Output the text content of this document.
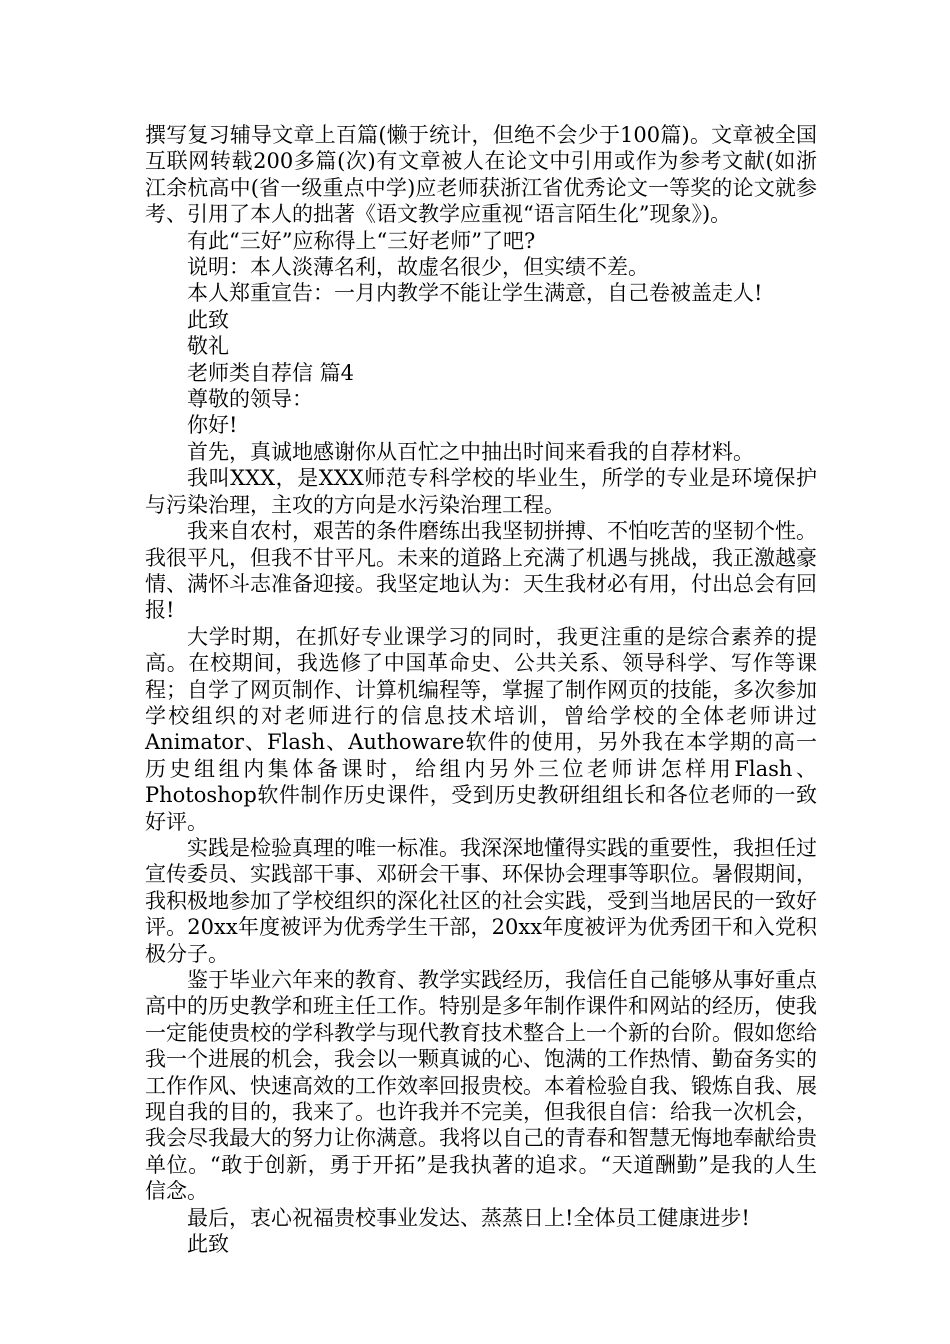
撰写复习辅导文章上百篇(懒于统计，但绝不会少于100篇)。文章被全国互联网转载200多篇(次)有文章被人在论文中引用或作为参考文献(如浙江余杭高中(省一级重点中学)应老师获浙江省优秀论文一等奖的论文就参考、引用了本人的拙著《语文教学应重视“语言陌生化”现象》)。

有此“三好”应称得上“三好老师”了吧?

说明：本人淡薄名利，故虚名很少，但实绩不差。

本人郑重宣告：一月内教学不能让学生满意，自己卷被盖走人!

此致

敬礼

老师类自荐信 篇4

尊敬的领导：

你好!

首先，真诚地感谢你从百忙之中抽出时间来看我的自荐材料。

我叫XXX，是XXX师范专科学校的毕业生，所学的专业是环境保护与污染治理，主攻的方向是水污染治理工程。

我来自农村，艰苦的条件磨练出我坚韧拼搏、不怕吃苦的坚韧个性。我很平凡，但我不甘平凡。未来的道路上充满了机遇与挑战，我正激越豪情、满怀斗志准备迎接。我坚定地认为：天生我材必有用，付出总会有回报!

大学时期，在抓好专业课学习的同时，我更注重的是综合素养的提高。在校期间，我选修了中国革命史、公共关系、领导科学、写作等课程；自学了网页制作、计算机编程等，掌握了制作网页的技能，多次参加学校组织的对老师进行的信息技术培训，曾给学校的全体老师讲过Animator、Flash、Authoware软件的使用，另外我在本学期的高一历史组组内集体备课时，给组内另外三位老师讲怎样用Flash、Photoshop软件制作历史课件，受到历史教研组组长和各位老师的一致好评。

实践是检验真理的唯一标准。我深深地懂得实践的重要性，我担任过宣传委员、实践部干事、邓研会干事、环保协会理事等职位。暑假期间，我积极地参加了学校组织的深化社区的社会实践，受到当地居民的一致好评。20xx年度被评为优秀学生干部，20xx年度被评为优秀团干和入党积极分子。

鉴于毕业六年来的教育、教学实践经历，我信任自己能够从事好重点高中的历史教学和班主任工作。特别是多年制作课件和网站的经历，使我一定能使贵校的学科教学与现代教育技术整合上一个新的台阶。假如您给我一个进展的机会，我会以一颗真诚的心、饱满的工作热情、勤奋务实的工作作风、快速高效的工作效率回报贵校。本着检验自我、锻炼自我、展现自我的目的，我来了。也许我并不完美，但我很自信：给我一次机会，我会尽我最大的努力让你满意。我将以自己的青春和智慧无悔地奉献给贵单位。“敢于创新，勇于开拓”是我执著的追求。“天道酬勤”是我的人生信念。

最后，衷心祝福贵校事业发达、蒸蒸日上!全体员工健康进步!

此致
